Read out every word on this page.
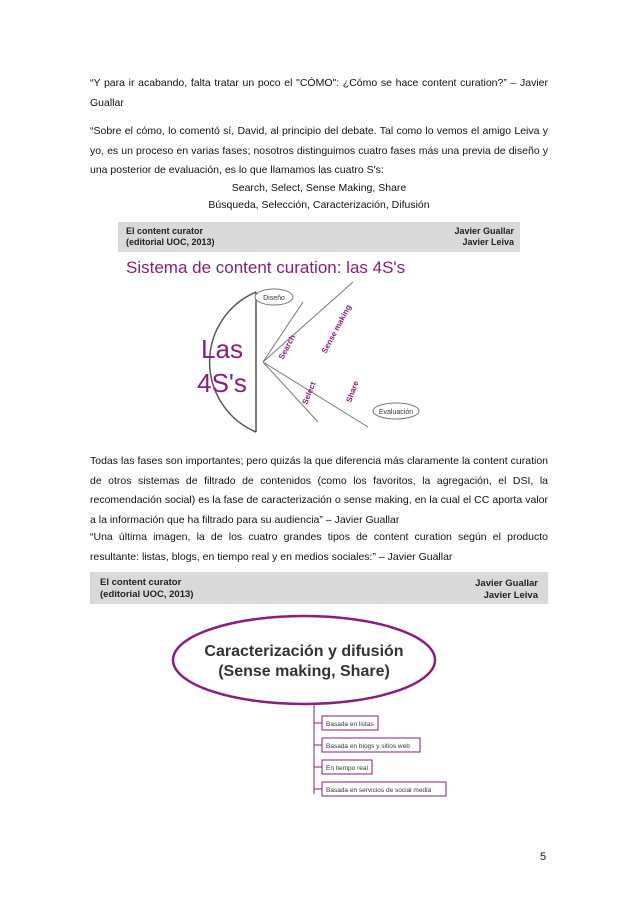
“Y para ir acabando, falta tratar un poco el "CÓMO": ¿Cómo se hace content curation?” – Javier Guallar

“Sobre el cómo, lo comentó sí, David, al principio del debate. Tal como lo vemos el amigo Leiva y yo, es un proceso en varias fases; nosotros distinguimos cuatro fases más una previa de diseño y una posterior de evaluación, es lo que llamamos las cuatro S's:

Search, Select, Sense Making, Share

Búsqueda, Selección, Caracterización, Difusión

El content curator
(editorial UOC, 2013)
Javier Guallar
Javier Leiva
Sistema de content curation: las 4S's
Las
4S's
Diseño
Search	Sense making
Select	Share
Evaluación

Todas las fases son importantes; pero quizás la que diferencia más claramente la content curation de otros sistemas de filtrado de contenidos (como los favoritos, la agregación, el DSI, la recomendación social) es la fase de caracterización o sense making, en la cual el CC aporta valor a la información que ha filtrado para su audiencia” – Javier Guallar

“Una última imagen, la de los cuatro grandes tipos de content curation según el producto resultante: listas, blogs, en tiempo real y en medios sociales:” – Javier Guallar

El content curator
(editorial UOC, 2013)
Javier Guallar
Javier Leiva
Caracterización y difusión
(Sense making, Share)
Basada en listas
Basada en blogs y sitios web
En tiempo real
Basada en servicios de social media
5
